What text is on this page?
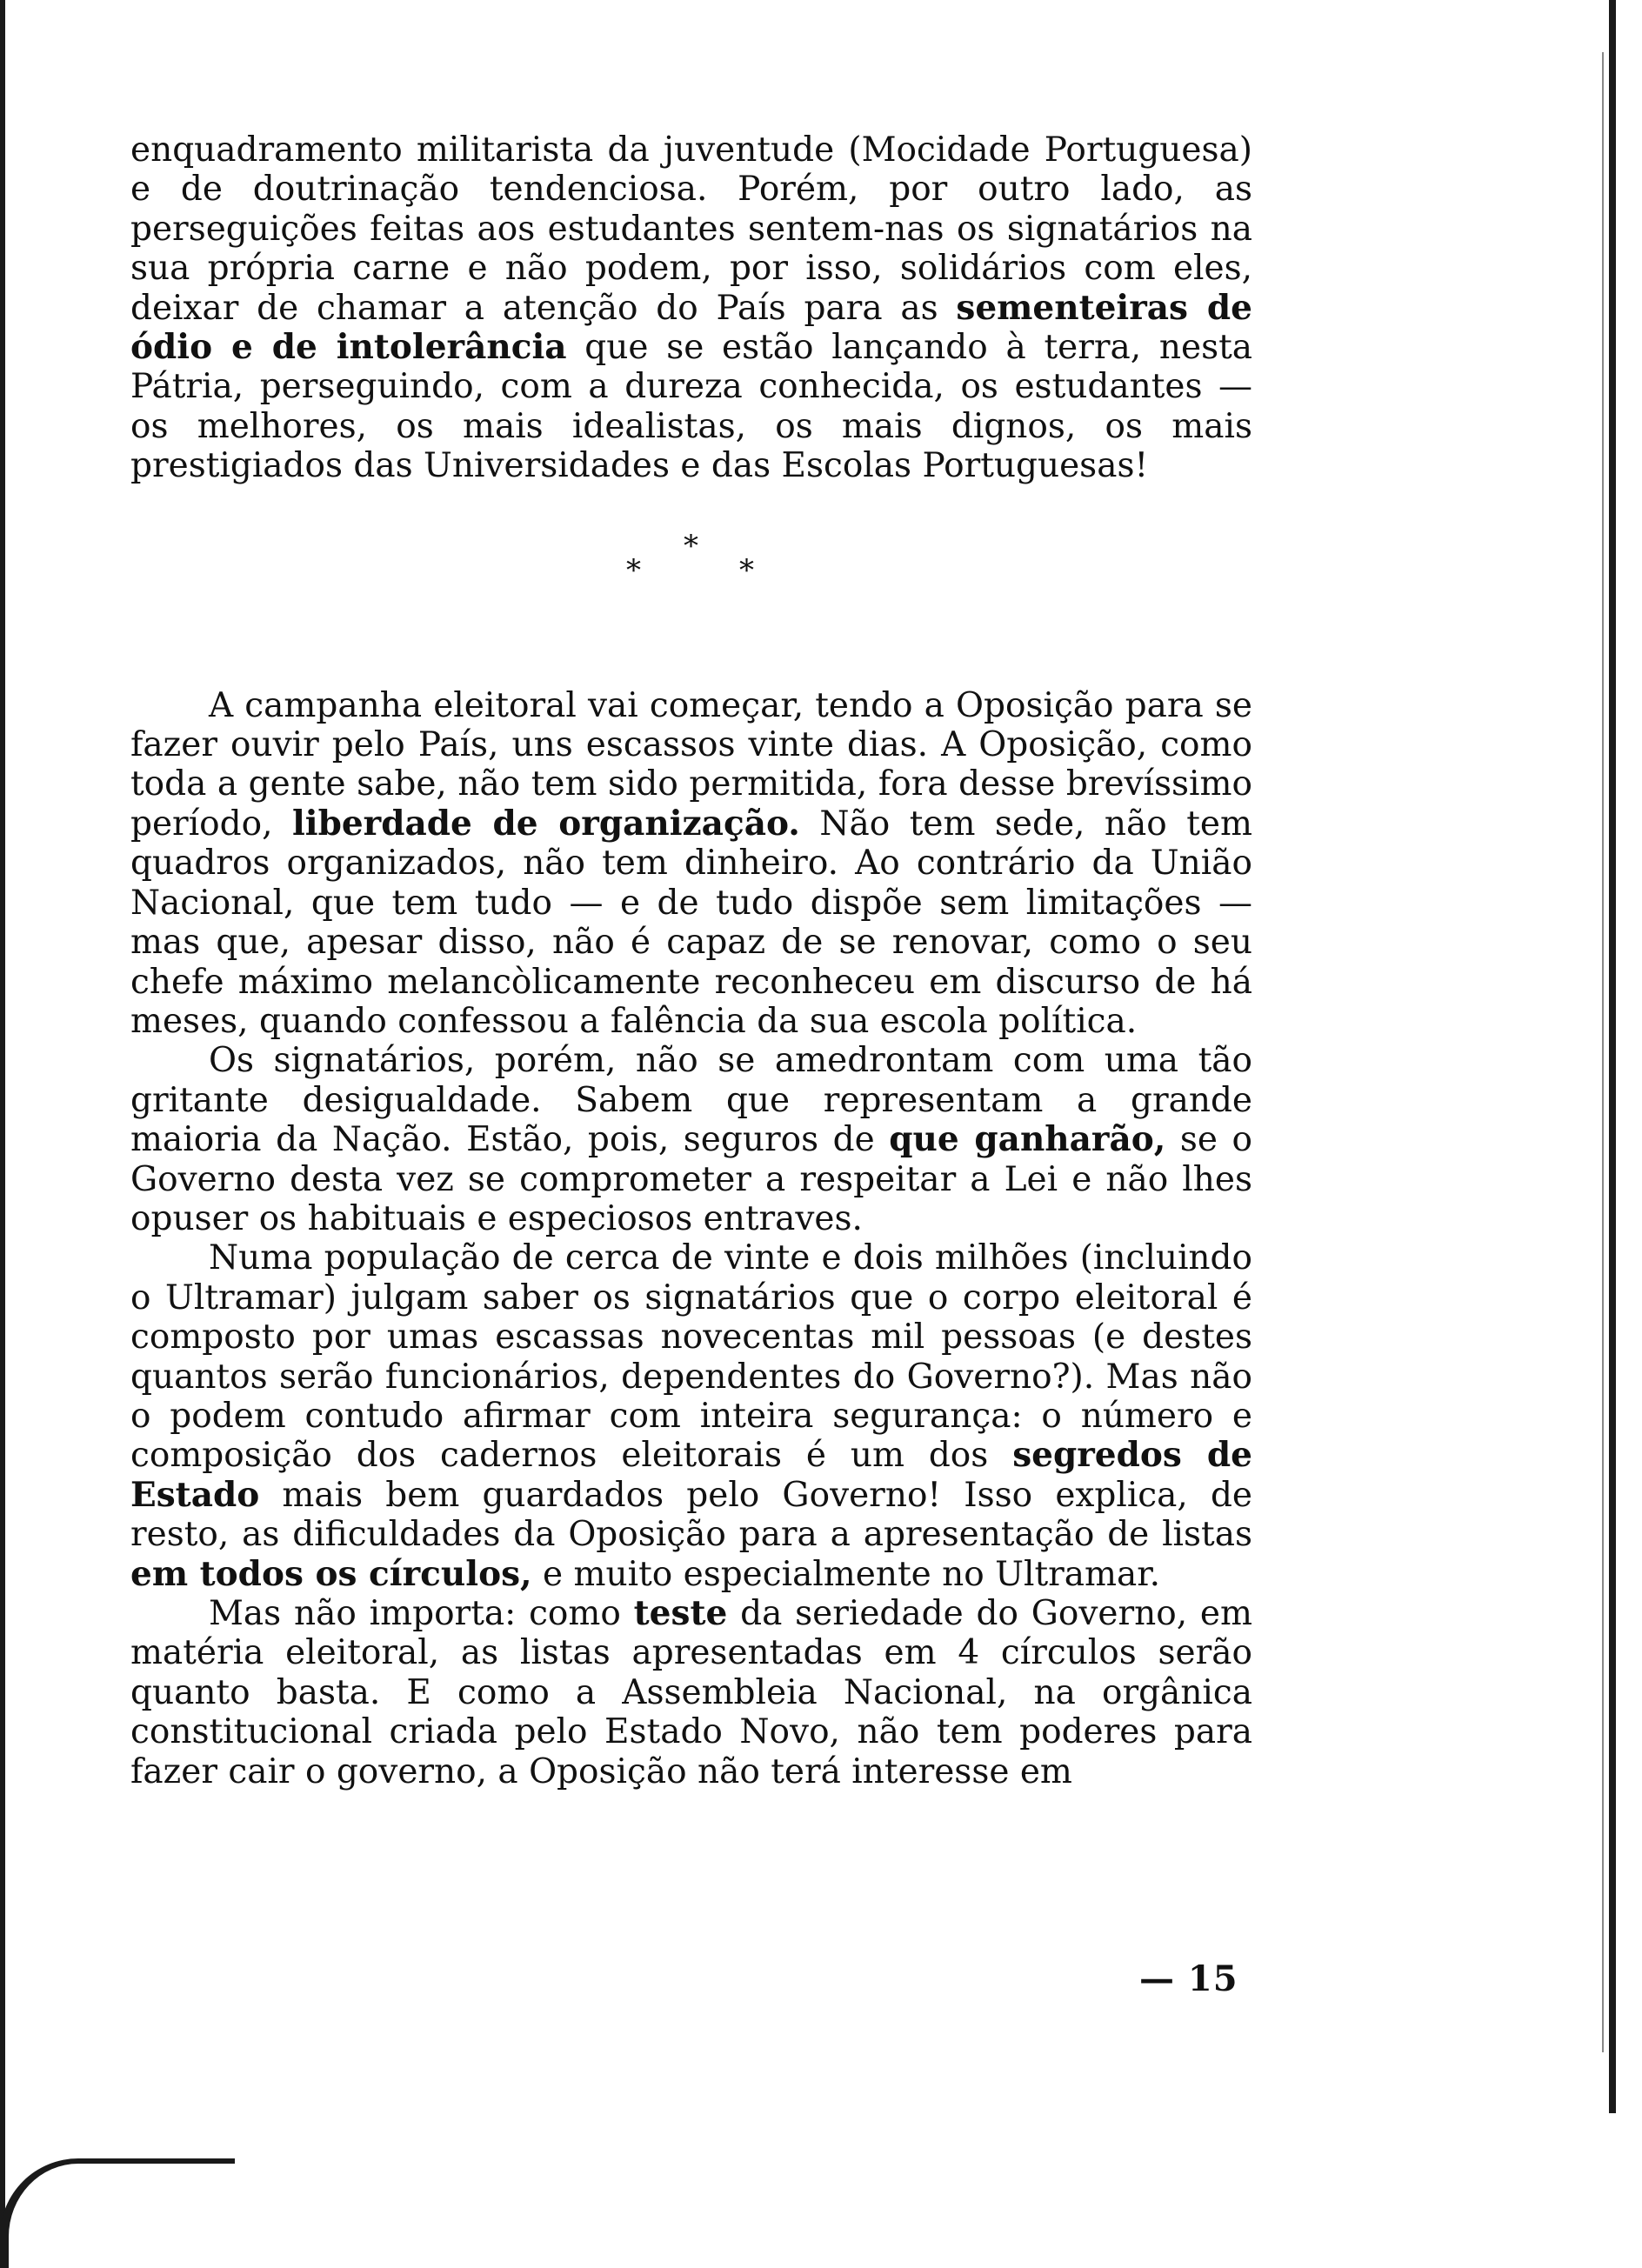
enquadramento militarista da juventude (Mocidade Portuguesa) e de doutrinação tendenciosa. Porém, por outro lado, as perseguições feitas aos estudantes sentem-nas os signatários na sua própria carne e não podem, por isso, solidários com eles, deixar de chamar a atenção do País para as sementeiras de ódio e de intolerância que se estão lançando à terra, nesta Pátria, perseguindo, com a dureza conhecida, os estudantes — os melhores, os mais idealistas, os mais dignos, os mais prestigiados das Universidades e das Escolas Portuguesas!

*
*	*

A campanha eleitoral vai começar, tendo a Oposição para se fazer ouvir pelo País, uns escassos vinte dias. A Oposição, como toda a gente sabe, não tem sido permitida, fora desse brevíssimo período, liberdade de organização. Não tem sede, não tem quadros organizados, não tem dinheiro. Ao contrário da União Nacional, que tem tudo — e de tudo dispõe sem limitações — mas que, apesar disso, não é capaz de se renovar, como o seu chefe máximo melancòlicamente reconheceu em discurso de há meses, quando confessou a falência da sua escola política.

Os signatários, porém, não se amedrontam com uma tão gritante desigualdade. Sabem que representam a grande maioria da Nação. Estão, pois, seguros de que ganharão, se o Governo desta vez se comprometer a respeitar a Lei e não lhes opuser os habituais e especiosos entraves.

Numa população de cerca de vinte e dois milhões (incluindo o Ultramar) julgam saber os signatários que o corpo eleitoral é composto por umas escassas novecentas mil pessoas (e destes quantos serão funcionários, dependentes do Governo?). Mas não o podem contudo afirmar com inteira segurança: o número e composição dos cadernos eleitorais é um dos segredos de Estado mais bem guardados pelo Governo! Isso explica, de resto, as dificuldades da Oposição para a apresentação de listas em todos os círculos, e muito especialmente no Ultramar.

Mas não importa: como teste da seriedade do Governo, em matéria eleitoral, as listas apresentadas em 4 círculos serão quanto basta. E como a Assembleia Nacional, na orgânica constitucional criada pelo Estado Novo, não tem poderes para fazer cair o governo, a Oposição não terá interesse em

— 15
